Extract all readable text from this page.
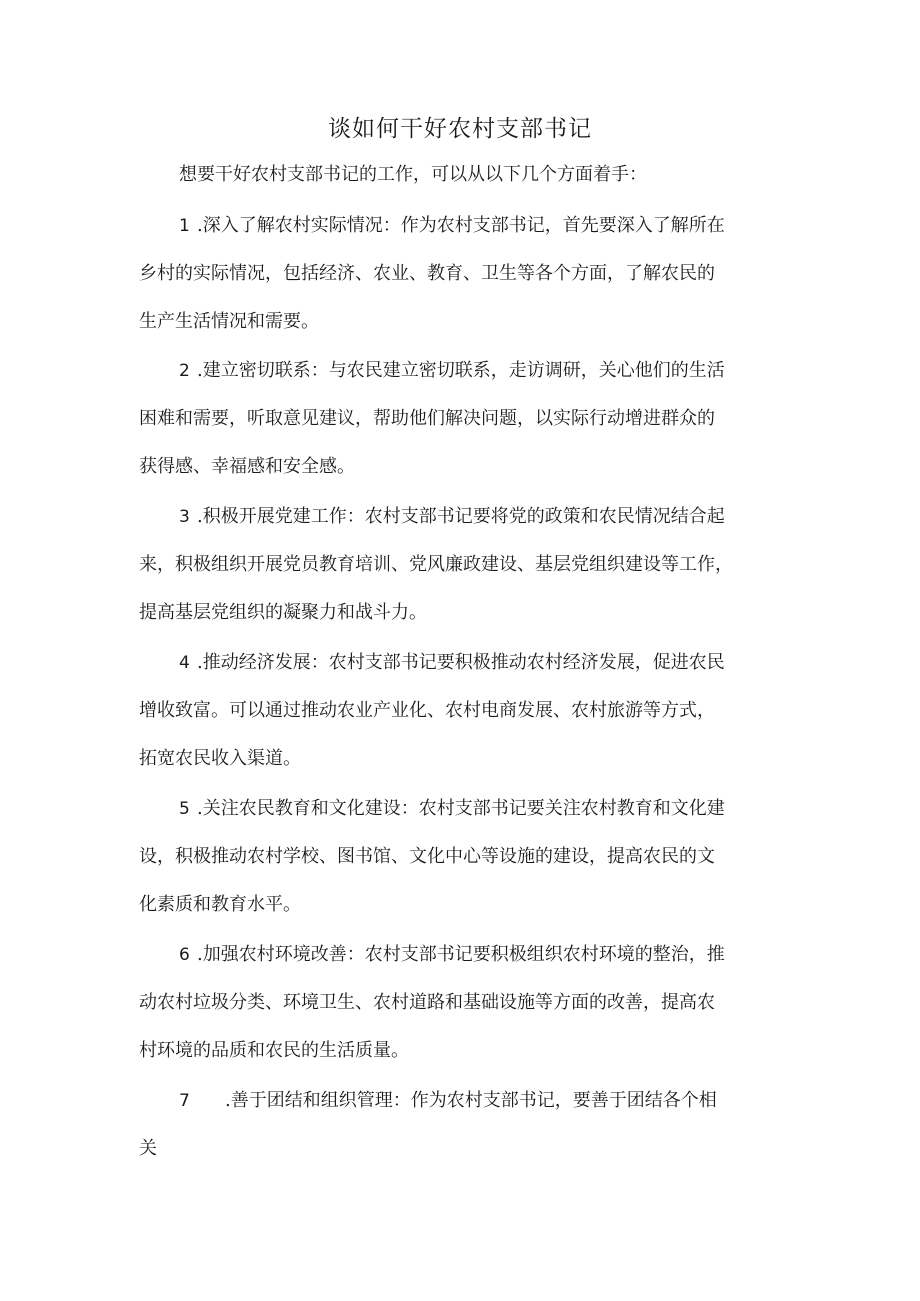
谈如何干好农村支部书记

想要干好农村支部书记的工作，可以从以下几个方面着手：

1 .深入了解农村实际情况：作为农村支部书记，首先要深入了解所在
乡村的实际情况，包括经济、农业、教育、卫生等各个方面，了解农民的
生产生活情况和需要。
2 .建立密切联系：与农民建立密切联系，走访调研，关心他们的生活
困难和需要，听取意见建议，帮助他们解决问题，以实际行动增进群众的
获得感、幸福感和安全感。
3 .积极开展党建工作：农村支部书记要将党的政策和农民情况结合起
来，积极组织开展党员教育培训、党风廉政建设、基层党组织建设等工作，
提高基层党组织的凝聚力和战斗力。
4 .推动经济发展：农村支部书记要积极推动农村经济发展，促进农民
增收致富。可以通过推动农业产业化、农村电商发展、农村旅游等方式，
拓宽农民收入渠道。
5 .关注农民教育和文化建设：农村支部书记要关注农村教育和文化建
设，积极推动农村学校、图书馆、文化中心等设施的建设，提高农民的文
化素质和教育水平。
6 .加强农村环境改善：农村支部书记要积极组织农村环境的整治，推
动农村垃圾分类、环境卫生、农村道路和基础设施等方面的改善，提高农
村环境的品质和农民的生活质量。
7 .善于团结和组织管理：作为农村支部书记，要善于团结各个相
关
